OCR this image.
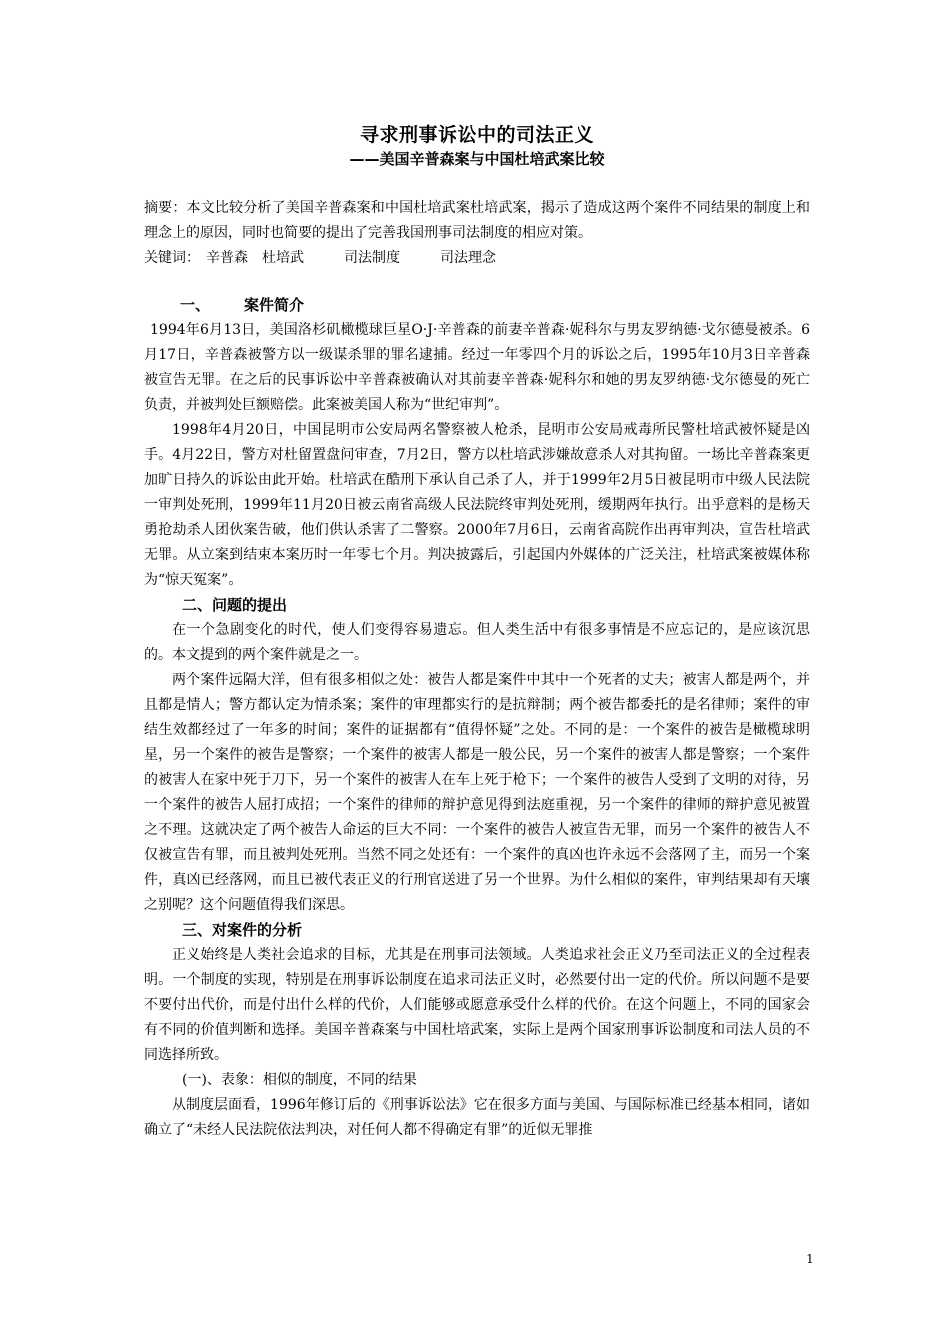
寻求刑事诉讼中的司法正义
——美国辛普森案与中国杜培武案比较

摘要：本文比较分析了美国辛普森案和中国杜培武案杜培武案，揭示了造成这两个案件不同结果的制度上和理念上的原因，同时也简要的提出了完善我国刑事司法制度的相应对策。

关键词： 辛普森 杜培武	司法制度	司法理念

一、 案件简介

1994年6月13日，美国洛杉矶橄榄球巨星O·J·辛普森的前妻辛普森·妮科尔与男友罗纳德·戈尔德曼被杀。6月17日，辛普森被警方以一级谋杀罪的罪名逮捕。经过一年零四个月的诉讼之后，1995年10月3日辛普森被宣告无罪。在之后的民事诉讼中辛普森被确认对其前妻辛普森·妮科尔和她的男友罗纳德·戈尔德曼的死亡负责，并被判处巨额赔偿。此案被美国人称为“世纪审判”。

1998年4月20日，中国昆明市公安局两名警察被人枪杀，昆明市公安局戒毒所民警杜培武被怀疑是凶手。4月22日，警方对杜留置盘问审查，7月2日，警方以杜培武涉嫌故意杀人对其拘留。一场比辛普森案更加旷日持久的诉讼由此开始。杜培武在酷刑下承认自己杀了人，并于1999年2月5日被昆明市中级人民法院一审判处死刑，1999年11月20日被云南省高级人民法院终审判处死刑，缓期两年执行。出乎意料的是杨天勇抢劫杀人团伙案告破，他们供认杀害了二警察。2000年7月6日，云南省高院作出再审判决，宣告杜培武无罪。从立案到结束本案历时一年零七个月。判决披露后，引起国内外媒体的广泛关注，杜培武案被媒体称为“惊天冤案”。

二、问题的提出

在一个急剧变化的时代，使人们变得容易遗忘。但人类生活中有很多事情是不应忘记的，是应该沉思的。本文提到的两个案件就是之一。

两个案件远隔大洋，但有很多相似之处：被告人都是案件中其中一个死者的丈夫；被害人都是两个，并且都是情人；警方都认定为情杀案；案件的审理都实行的是抗辩制；两个被告都委托的是名律师；案件的审结生效都经过了一年多的时间；案件的证据都有“值得怀疑”之处。不同的是：一个案件的被告是橄榄球明星，另一个案件的被告是警察；一个案件的被害人都是一般公民，另一个案件的被害人都是警察；一个案件的被害人在家中死于刀下，另一个案件的被害人在车上死于枪下；一个案件的被告人受到了文明的对待，另一个案件的被告人屈打成招；一个案件的律师的辩护意见得到法庭重视，另一个案件的律师的辩护意见被置之不理。这就决定了两个被告人命运的巨大不同：一个案件的被告人被宣告无罪，而另一个案件的被告人不仅被宣告有罪，而且被判处死刑。当然不同之处还有：一个案件的真凶也许永远不会落网了主，而另一个案件，真凶已经落网，而且已被代表正义的行刑官送进了另一个世界。为什么相似的案件，审判结果却有天壤之别呢？这个问题值得我们深思。

三、对案件的分析

正义始终是人类社会追求的目标，尤其是在刑事司法领域。人类追求社会正义乃至司法正义的全过程表明。一个制度的实现，特别是在刑事诉讼制度在追求司法正义时，必然要付出一定的代价。所以问题不是要不要付出代价，而是付出什么样的代价，人们能够或愿意承受什么样的代价。在这个问题上，不同的国家会有不同的价值判断和选择。美国辛普森案与中国杜培武案，实际上是两个国家刑事诉讼制度和司法人员的不同选择所致。

(一)、表象：相似的制度，不同的结果

从制度层面看，1996年修订后的《刑事诉讼法》它在很多方面与美国、与国际标准已经基本相同，诸如确立了“未经人民法院依法判决，对任何人都不得确定有罪”的近似无罪推

1
